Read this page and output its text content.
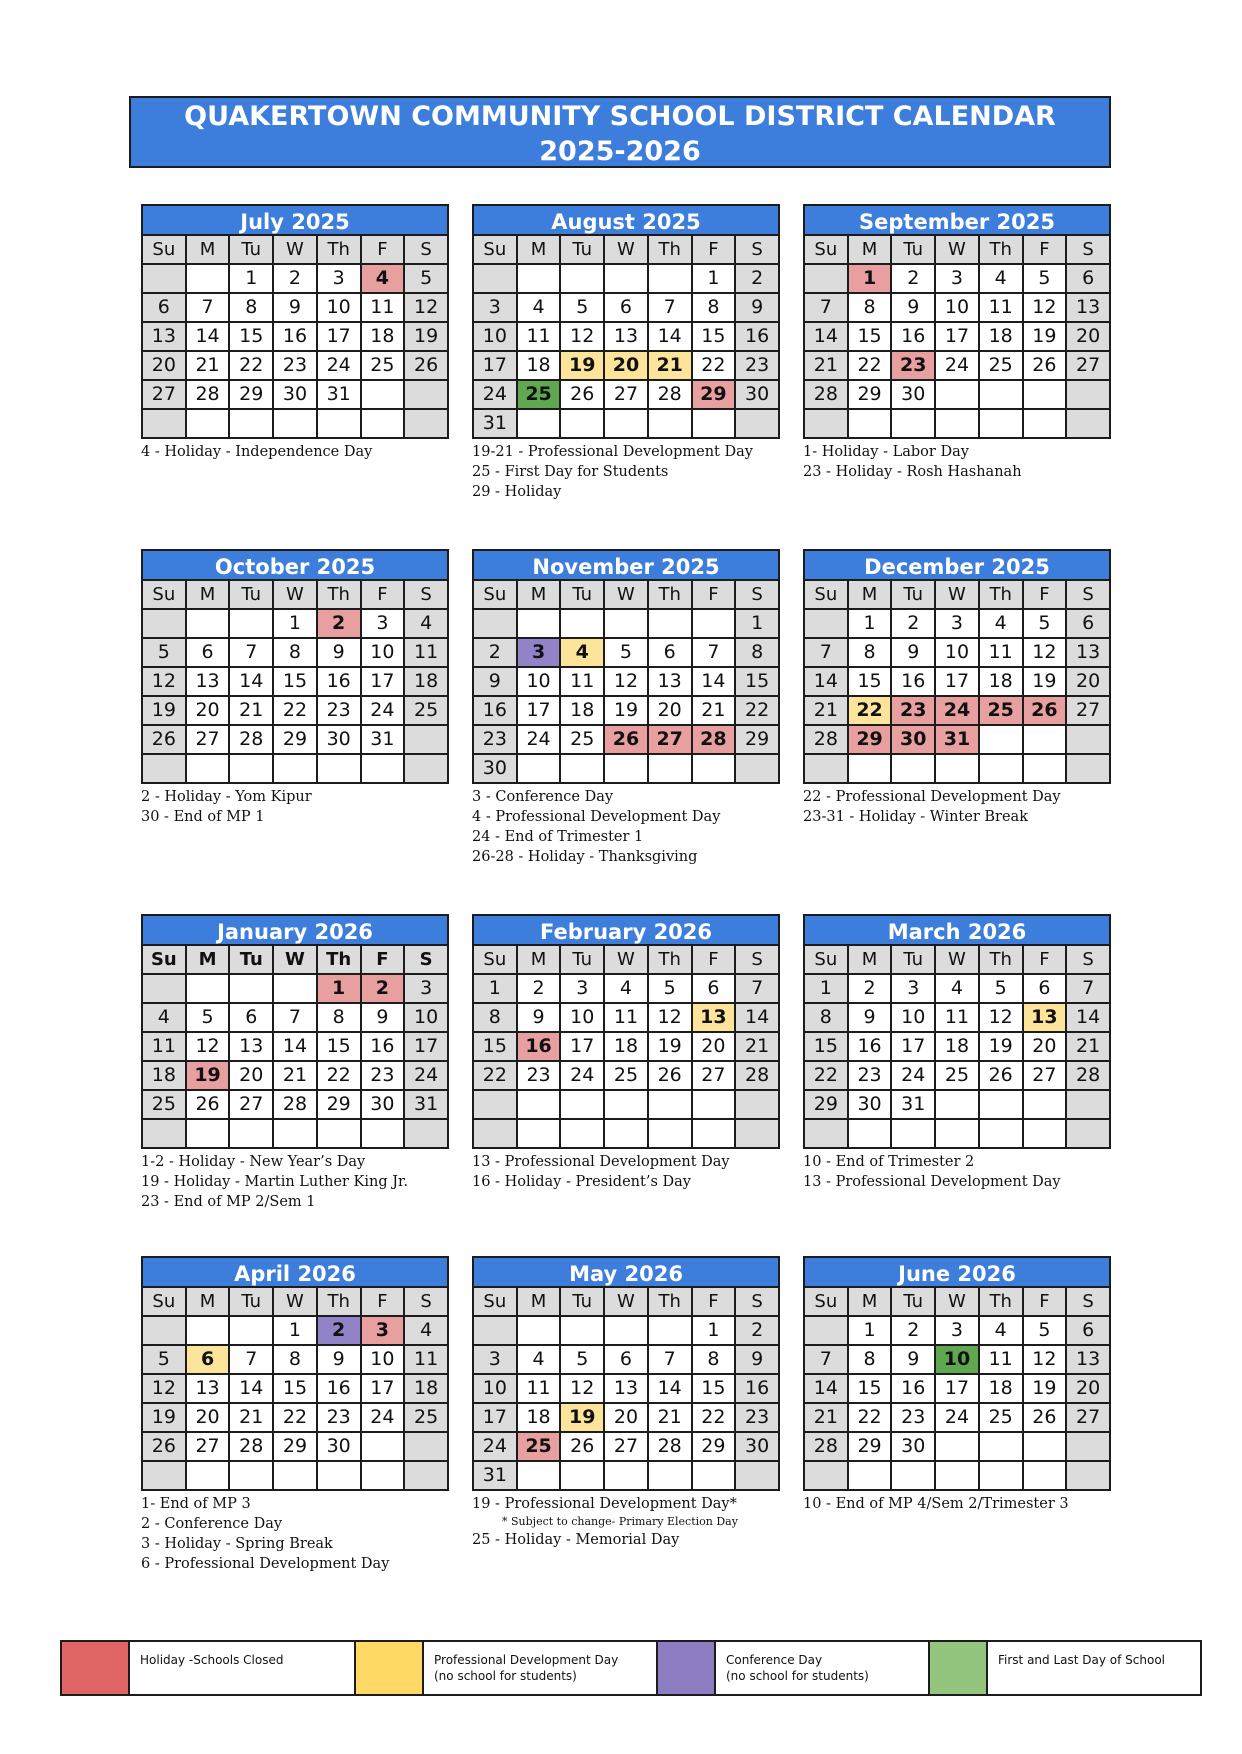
QUAKERTOWN COMMUNITY SCHOOL DISTRICT CALENDAR
2025-2026
July 2025
Su	M	Tu	W	Th	F	S
		1	2	3	4	5
6	7	8	9	10	11	12
13	14	15	16	17	18	19
20	21	22	23	24	25	26
27	28	29	30	31		

4 - Holiday - Independence Day
August 2025
Su	M	Tu	W	Th	F	S
					1	2
3	4	5	6	7	8	9
10	11	12	13	14	15	16
17	18	19	20	21	22	23
24	25	26	27	28	29	30
31						
19-21 - Professional Development Day
25 - First Day for Students
29 - Holiday
September 2025
Su	M	Tu	W	Th	F	S
	1	2	3	4	5	6
7	8	9	10	11	12	13
14	15	16	17	18	19	20
21	22	23	24	25	26	27
28	29	30				

1- Holiday - Labor Day
23 - Holiday - Rosh Hashanah
October 2025
Su	M	Tu	W	Th	F	S
			1	2	3	4
5	6	7	8	9	10	11
12	13	14	15	16	17	18
19	20	21	22	23	24	25
26	27	28	29	30	31	

2 - Holiday - Yom Kipur
30 - End of MP 1
November 2025
Su	M	Tu	W	Th	F	S
						1
2	3	4	5	6	7	8
9	10	11	12	13	14	15
16	17	18	19	20	21	22
23	24	25	26	27	28	29
30						
3 - Conference Day
4 - Professional Development Day
24 - End of Trimester 1
26-28 - Holiday - Thanksgiving
December 2025
Su	M	Tu	W	Th	F	S
	1	2	3	4	5	6
7	8	9	10	11	12	13
14	15	16	17	18	19	20
21	22	23	24	25	26	27
28	29	30	31			

22 - Professional Development Day
23-31 - Holiday - Winter Break
January 2026
Su	M	Tu	W	Th	F	S
				1	2	3
4	5	6	7	8	9	10
11	12	13	14	15	16	17
18	19	20	21	22	23	24
25	26	27	28	29	30	31

1-2 - Holiday - New Year’s Day
19 - Holiday - Martin Luther King Jr.
23 - End of MP 2/Sem 1
February 2026
Su	M	Tu	W	Th	F	S
1	2	3	4	5	6	7
8	9	10	11	12	13	14
15	16	17	18	19	20	21
22	23	24	25	26	27	28

13 - Professional Development Day
16 - Holiday - President’s Day
March 2026
Su	M	Tu	W	Th	F	S
1	2	3	4	5	6	7
8	9	10	11	12	13	14
15	16	17	18	19	20	21
22	23	24	25	26	27	28
29	30	31				

10 - End of Trimester 2
13 - Professional Development Day
April 2026
Su	M	Tu	W	Th	F	S
			1	2	3	4
5	6	7	8	9	10	11
12	13	14	15	16	17	18
19	20	21	22	23	24	25
26	27	28	29	30		

1- End of MP 3
2 - Conference Day
3 - Holiday - Spring Break
6 - Professional Development Day
May 2026
Su	M	Tu	W	Th	F	S
					1	2
3	4	5	6	7	8	9
10	11	12	13	14	15	16
17	18	19	20	21	22	23
24	25	26	27	28	29	30
31						
19 - Professional Development Day*
* Subject to change- Primary Election Day
25 - Holiday - Memorial Day
June 2026
Su	M	Tu	W	Th	F	S
	1	2	3	4	5	6
7	8	9	10	11	12	13
14	15	16	17	18	19	20
21	22	23	24	25	26	27
28	29	30				

10 - End of MP 4/Sem 2/Trimester 3
Holiday -Schools Closed	Professional Development Day
(no school for students)
Conference Day
(no school for students)
First and Last Day of School
